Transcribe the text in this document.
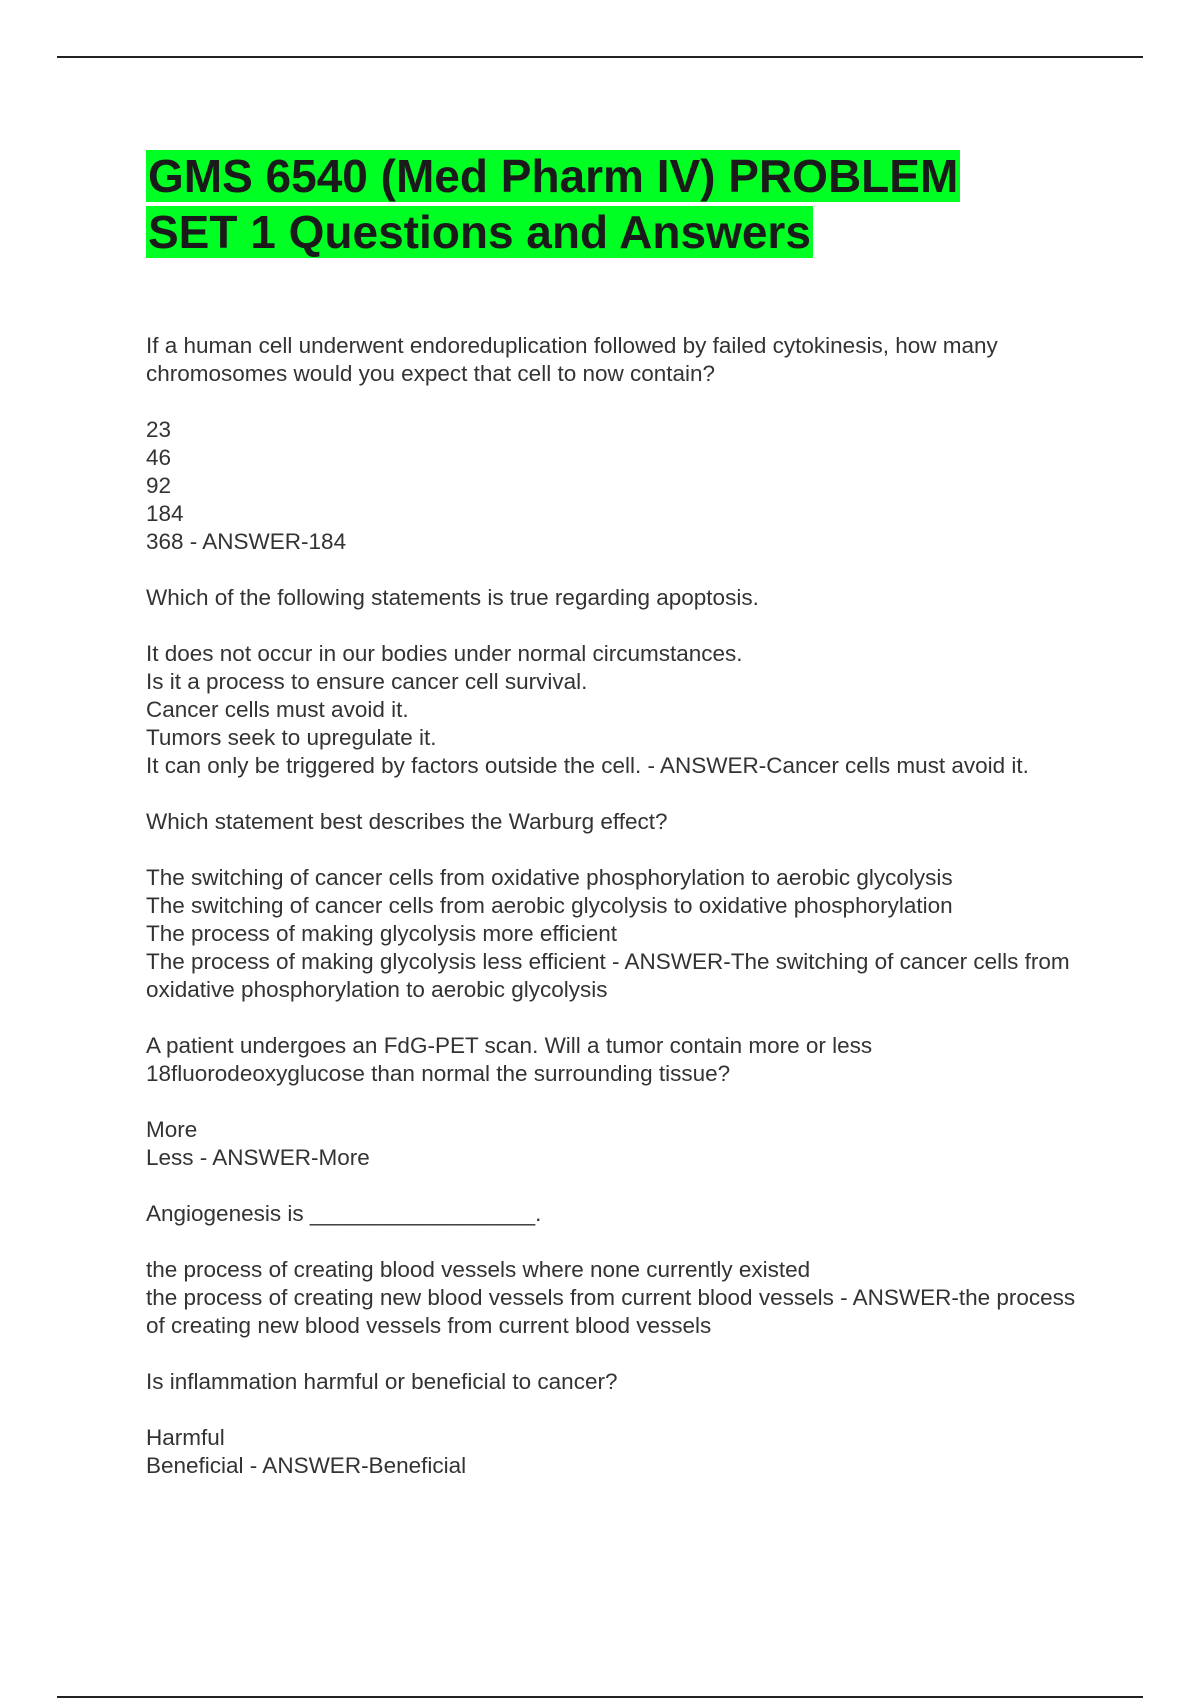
GMS 6540 (Med Pharm IV) PROBLEM
SET 1 Questions and Answers
If a human cell underwent endoreduplication followed by failed cytokinesis, how many chromosomes would you expect that cell to now contain?
23
46
92
184
368 - ANSWER-184
Which of the following statements is true regarding apoptosis.
It does not occur in our bodies under normal circumstances.
Is it a process to ensure cancer cell survival.
Cancer cells must avoid it.
Tumors seek to upregulate it.
It can only be triggered by factors outside the cell. - ANSWER-Cancer cells must avoid it.
Which statement best describes the Warburg effect?
The switching of cancer cells from oxidative phosphorylation to aerobic glycolysis
The switching of cancer cells from aerobic glycolysis to oxidative phosphorylation
The process of making glycolysis more efficient
The process of making glycolysis less efficient - ANSWER-The switching of cancer cells from oxidative phosphorylation to aerobic glycolysis
A patient undergoes an FdG-PET scan. Will a tumor contain more or less 18fluorodeoxyglucose than normal the surrounding tissue?
More
Less - ANSWER-More
Angiogenesis is __________________.
the process of creating blood vessels where none currently existed
the process of creating new blood vessels from current blood vessels - ANSWER-the process of creating new blood vessels from current blood vessels
Is inflammation harmful or beneficial to cancer?
Harmful
Beneficial - ANSWER-Beneficial
